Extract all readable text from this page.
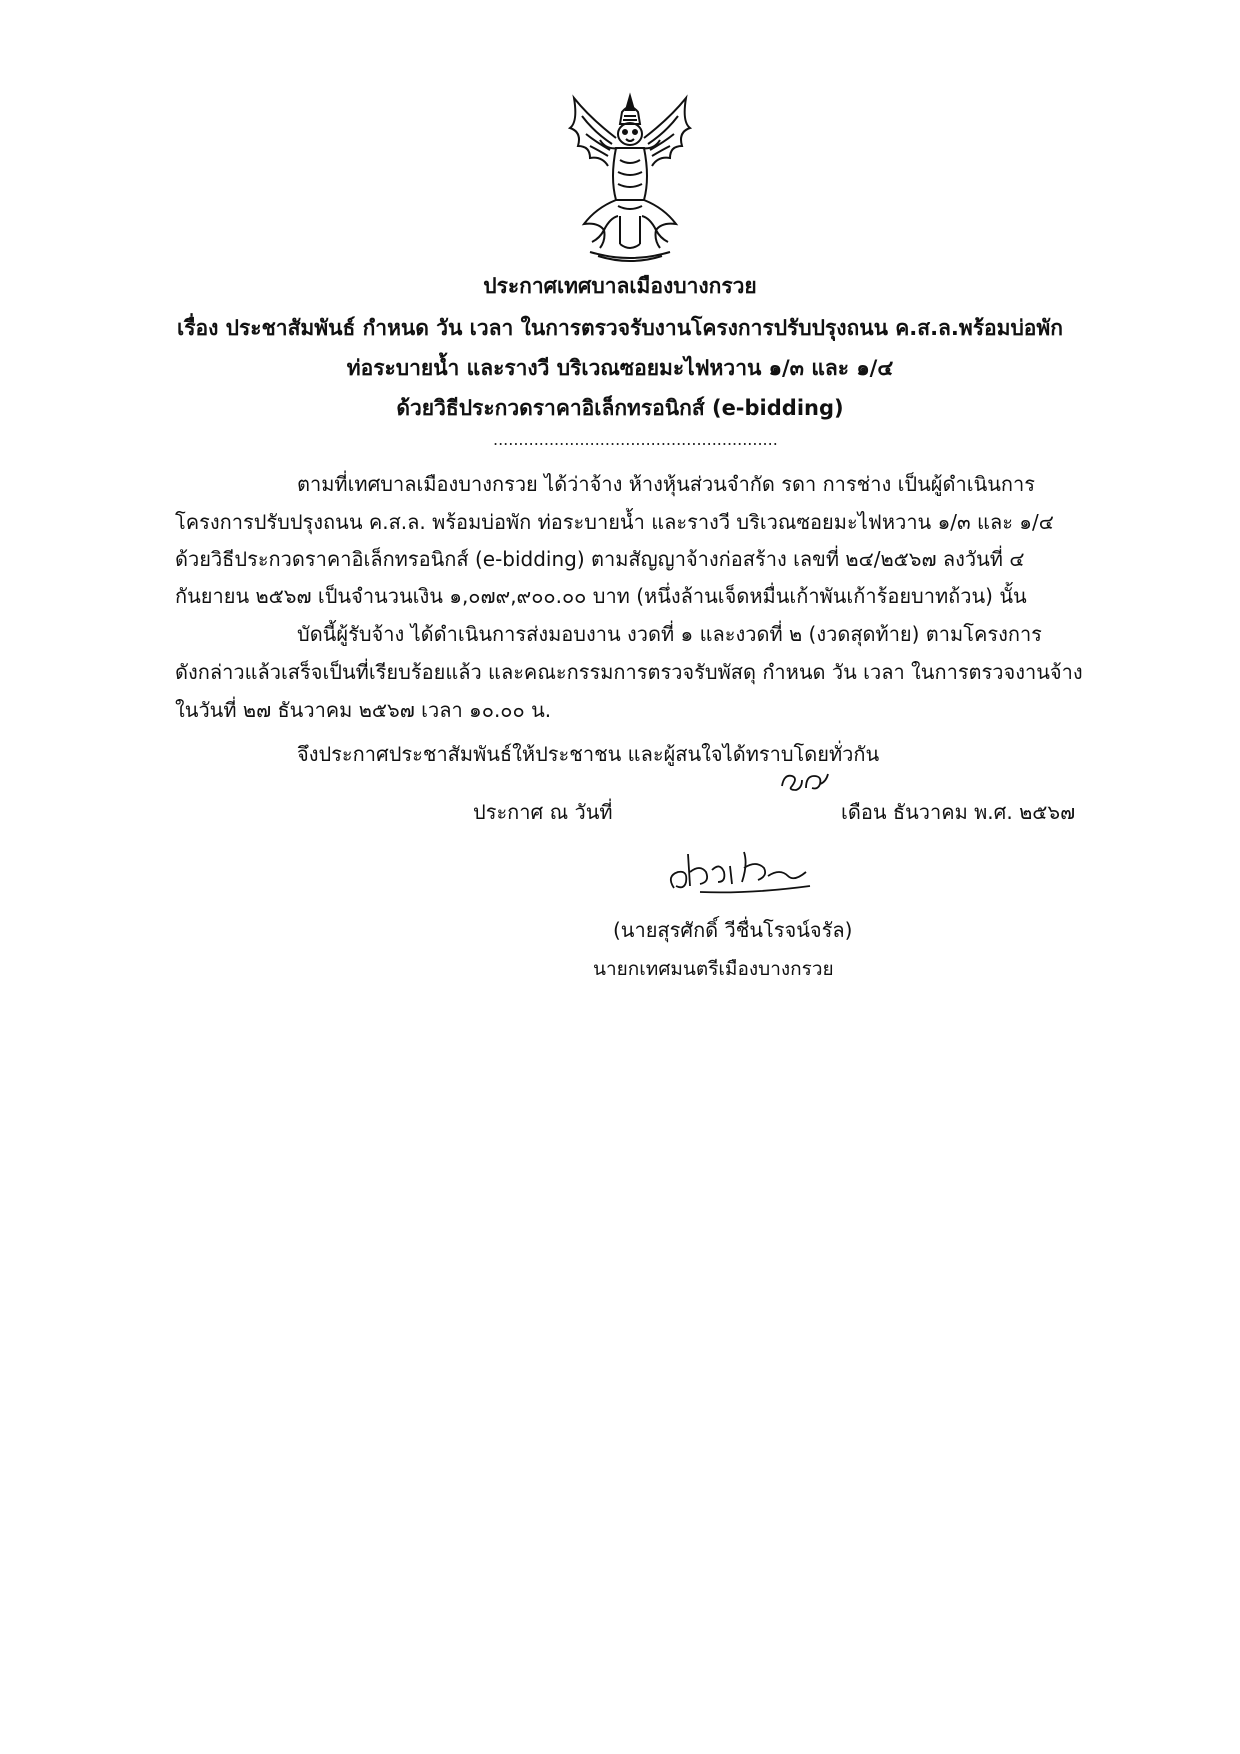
ประกาศเทศบาลเมืองบางกรวย
เรื่อง ประชาสัมพันธ์ กำหนด วัน เวลา ในการตรวจรับงานโครงการปรับปรุงถนน ค.ส.ล.พร้อมบ่อพัก
ท่อระบายน้ำ และรางวี บริเวณซอยมะไฟหวาน ๑/๓ และ ๑/๔
ด้วยวิธีประกวดราคาอิเล็กทรอนิกส์ (e-bidding)
........................................................
ตามที่เทศบาลเมืองบางกรวย ได้ว่าจ้าง ห้างหุ้นส่วนจำกัด รดา การช่าง เป็นผู้ดำเนินการ
โครงการปรับปรุงถนน ค.ส.ล. พร้อมบ่อพัก ท่อระบายน้ำ และรางวี บริเวณซอยมะไฟหวาน ๑/๓ และ ๑/๔
ด้วยวิธีประกวดราคาอิเล็กทรอนิกส์ (e-bidding) ตามสัญญาจ้างก่อสร้าง เลขที่ ๒๔/๒๕๖๗ ลงวันที่ ๔
กันยายน ๒๕๖๗ เป็นจำนวนเงิน ๑,๐๗๙,๙๐๐.๐๐ บาท (หนึ่งล้านเจ็ดหมื่นเก้าพันเก้าร้อยบาทถ้วน) นั้น
บัดนี้ผู้รับจ้าง ได้ดำเนินการส่งมอบงาน งวดที่ ๑ และงวดที่ ๒ (งวดสุดท้าย) ตามโครงการ
ดังกล่าวแล้วเสร็จเป็นที่เรียบร้อยแล้ว และคณะกรรมการตรวจรับพัสดุ กำหนด วัน เวลา ในการตรวจงานจ้าง
ในวันที่ ๒๗ ธันวาคม ๒๕๖๗ เวลา ๑๐.๐๐ น.
จึงประกาศประชาสัมพันธ์ให้ประชาชน และผู้สนใจได้ทราบโดยทั่วกัน
ประกาศ ณ วันที่	เดือน ธันวาคม พ.ศ. ๒๕๖๗
(นายสุรศักดิ์ วีชื่นโรจน์จรัล)
นายกเทศมนตรีเมืองบางกรวย
